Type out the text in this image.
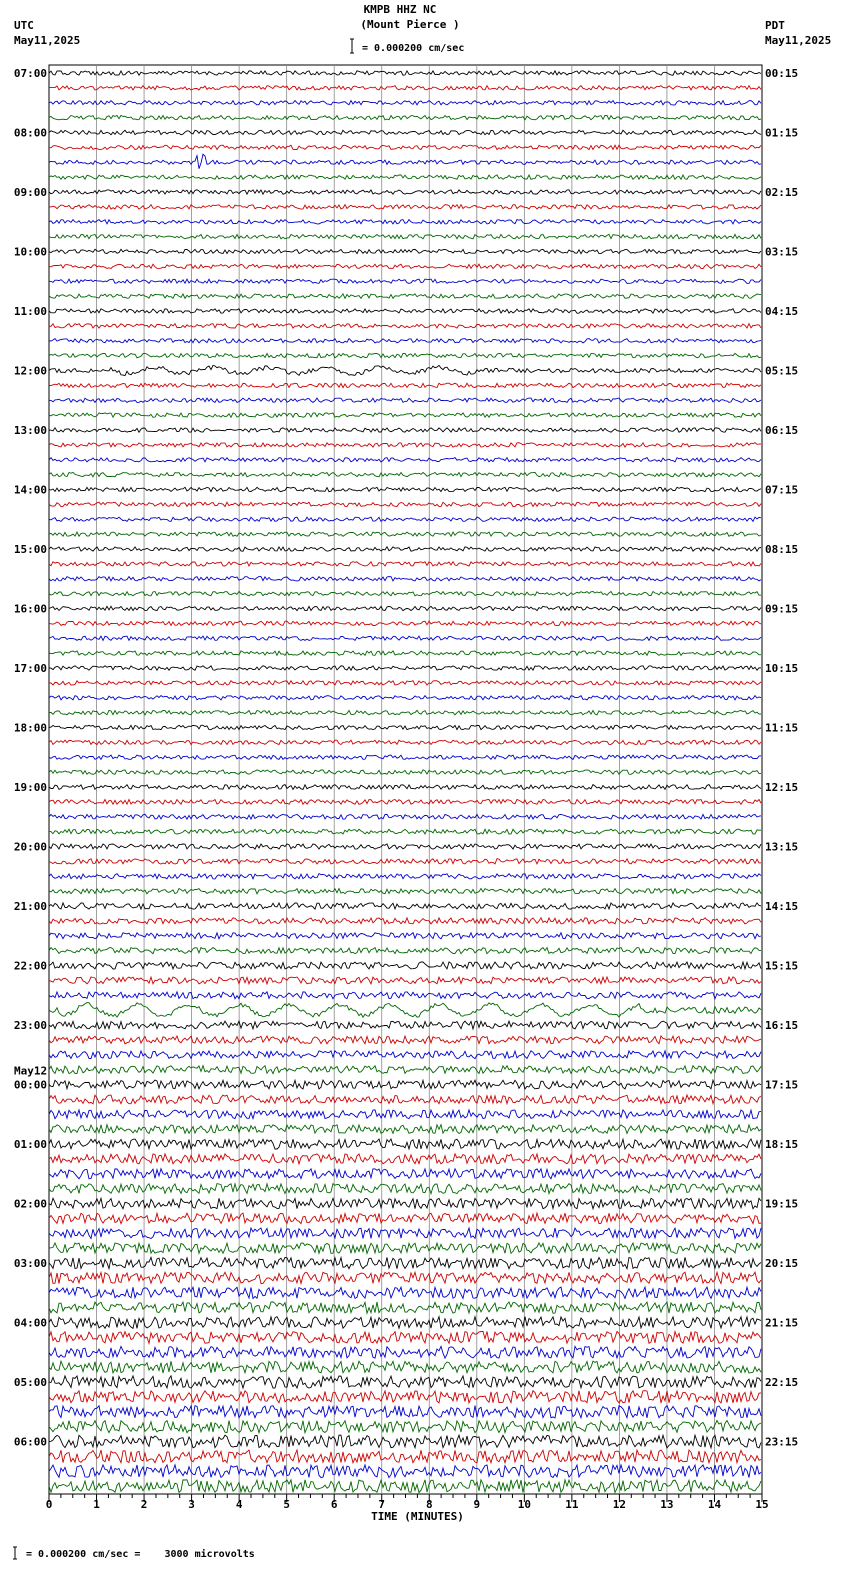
KMPB HHZ NC
(Mount Pierce )
= 0.000200 cm/sec
UTC
May11,2025
PDT
May11,2025
= 0.000200 cm/sec =    3000 microvolts
07:00
08:00
09:00
10:00
11:00
12:00
13:00
14:00
15:00
16:00
17:00
18:00
19:00
20:00
21:00
22:00
23:00
00:00
01:00
02:00
03:00
04:00
05:00
06:00
00:15
01:15
02:15
03:15
04:15
05:15
06:15
07:15
08:15
09:15
10:15
11:15
12:15
13:15
14:15
15:15
16:15
17:15
18:15
19:15
20:15
21:15
22:15
23:15
May12
0	1	2	3	4	5	6	7	8	9	10	11	12	13	14	15
TIME (MINUTES)
